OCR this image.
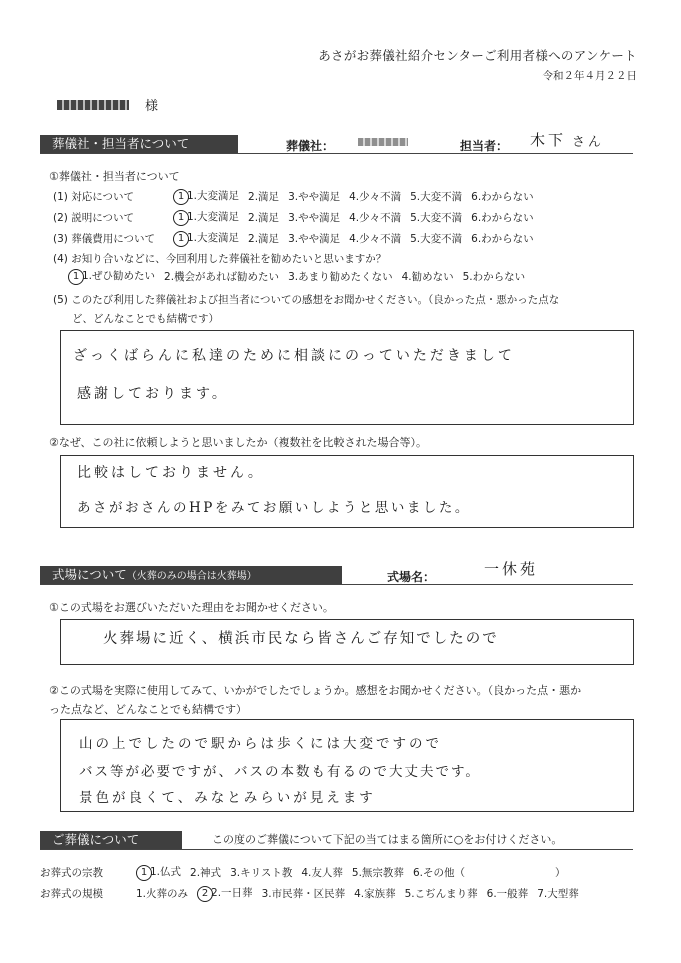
あさがお葬儀社紹介センターご利用者様へのアンケート
令和２年４月２２日
様
葬儀社・担当者について	葬儀社：	担当者： 木下 さん
①葬儀社・担当者について
(1) 対応について	1 1.大変満足 2.満足 3.やや満足 4.少々不満 5.大変不満 6.わからない
(2) 説明について	1 1.大変満足 2.満足 3.やや満足 4.少々不満 5.大変不満 6.わからない
(3) 葬儀費用について	1 1.大変満足 2.満足 3.やや満足 4.少々不満 5.大変不満 6.わからない
(4) お知り合いなどに、今回利用した葬儀社を勧めたいと思いますか？
1 1.ぜひ勧めたい 2.機会があれば勧めたい 3.あまり勧めたくない 4.勧めない 5.わからない
(5) このたび利用した葬儀社および担当者についての感想をお聞かせください。（良かった点・悪かった点な
ど、どんなことでも結構です）
ざっくばらんに私達のために相談にのっていただきまして
感謝しております。
②なぜ、この社に依頼しようと思いましたか（複数社を比較された場合等）。
比較はしておりません。
あさがおさんのHPをみてお願いしようと思いました。
式場について（火葬のみの場合は火葬場）	式場名：	一休苑
①この式場をお選びいただいた理由をお聞かせください。
火葬場に近く、横浜市民なら皆さんご存知でしたので
②この式場を実際に使用してみて、いかがでしたでしょうか。感想をお聞かせください。（良かった点・悪か
った点など、どんなことでも結構です）
山の上でしたので駅からは歩くには大変ですので
バス等が必要ですが、バスの本数も有るので大丈夫です。
景色が良くて、みなとみらいが見えます
ご葬儀について	この度のご葬儀について下記の当てはまる箇所に○をお付けください。
お葬式の宗教	1 1.仏式 2.神式 3.キリスト教 4.友人葬 5.無宗教葬 6.その他（	）
お葬式の規模	1.火葬のみ	2 2.一日葬 3.市民葬・区民葬 4.家族葬 5.こぢんまり葬 6.一般葬 7.大型葬
